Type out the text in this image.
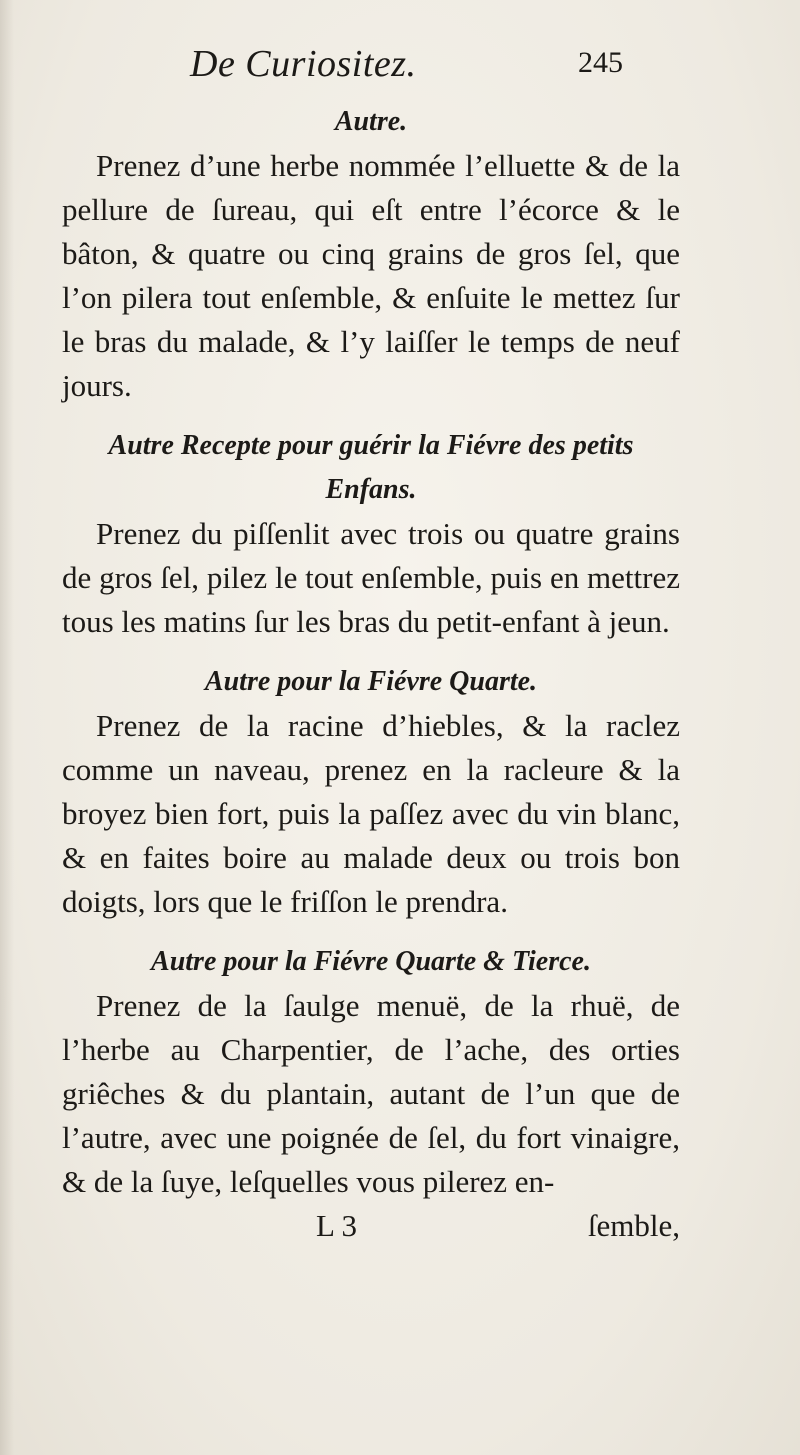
De Curiositez.	245

Autre.

Prenez d’une herbe nommée l’elluette & de la pellure de ſureau, qui eſt entre l’écorce & le bâton, & quatre ou cinq grains de gros ſel, que l’on pilera tout enſemble, & enſuite le mettez ſur le bras du malade, & l’y laiſſer le temps de neuf jours.

Autre Recepte pour guérir la Fiévre des petits Enfans.

Prenez du piſſenlit avec trois ou quatre grains de gros ſel, pilez le tout enſemble, puis en mettrez tous les matins ſur les bras du petit-enfant à jeun.

Autre pour la Fiévre Quarte.

Prenez de la racine d’hiebles, & la raclez comme un naveau, prenez en la racleure & la broyez bien fort, puis la paſſez avec du vin blanc, & en faites boire au malade deux ou trois bon doigts, lors que le friſſon le prendra.

Autre pour la Fiévre Quarte & Tierce.

Prenez de la ſaulge menuë, de la rhuë, de l’herbe au Charpentier, de l’ache, des orties griêches & du plantain, autant de l’un que de l’autre, avec une poignée de ſel, du fort vinaigre, & de la ſuye, leſquelles vous pilerez en-

L 3	ſemble,
